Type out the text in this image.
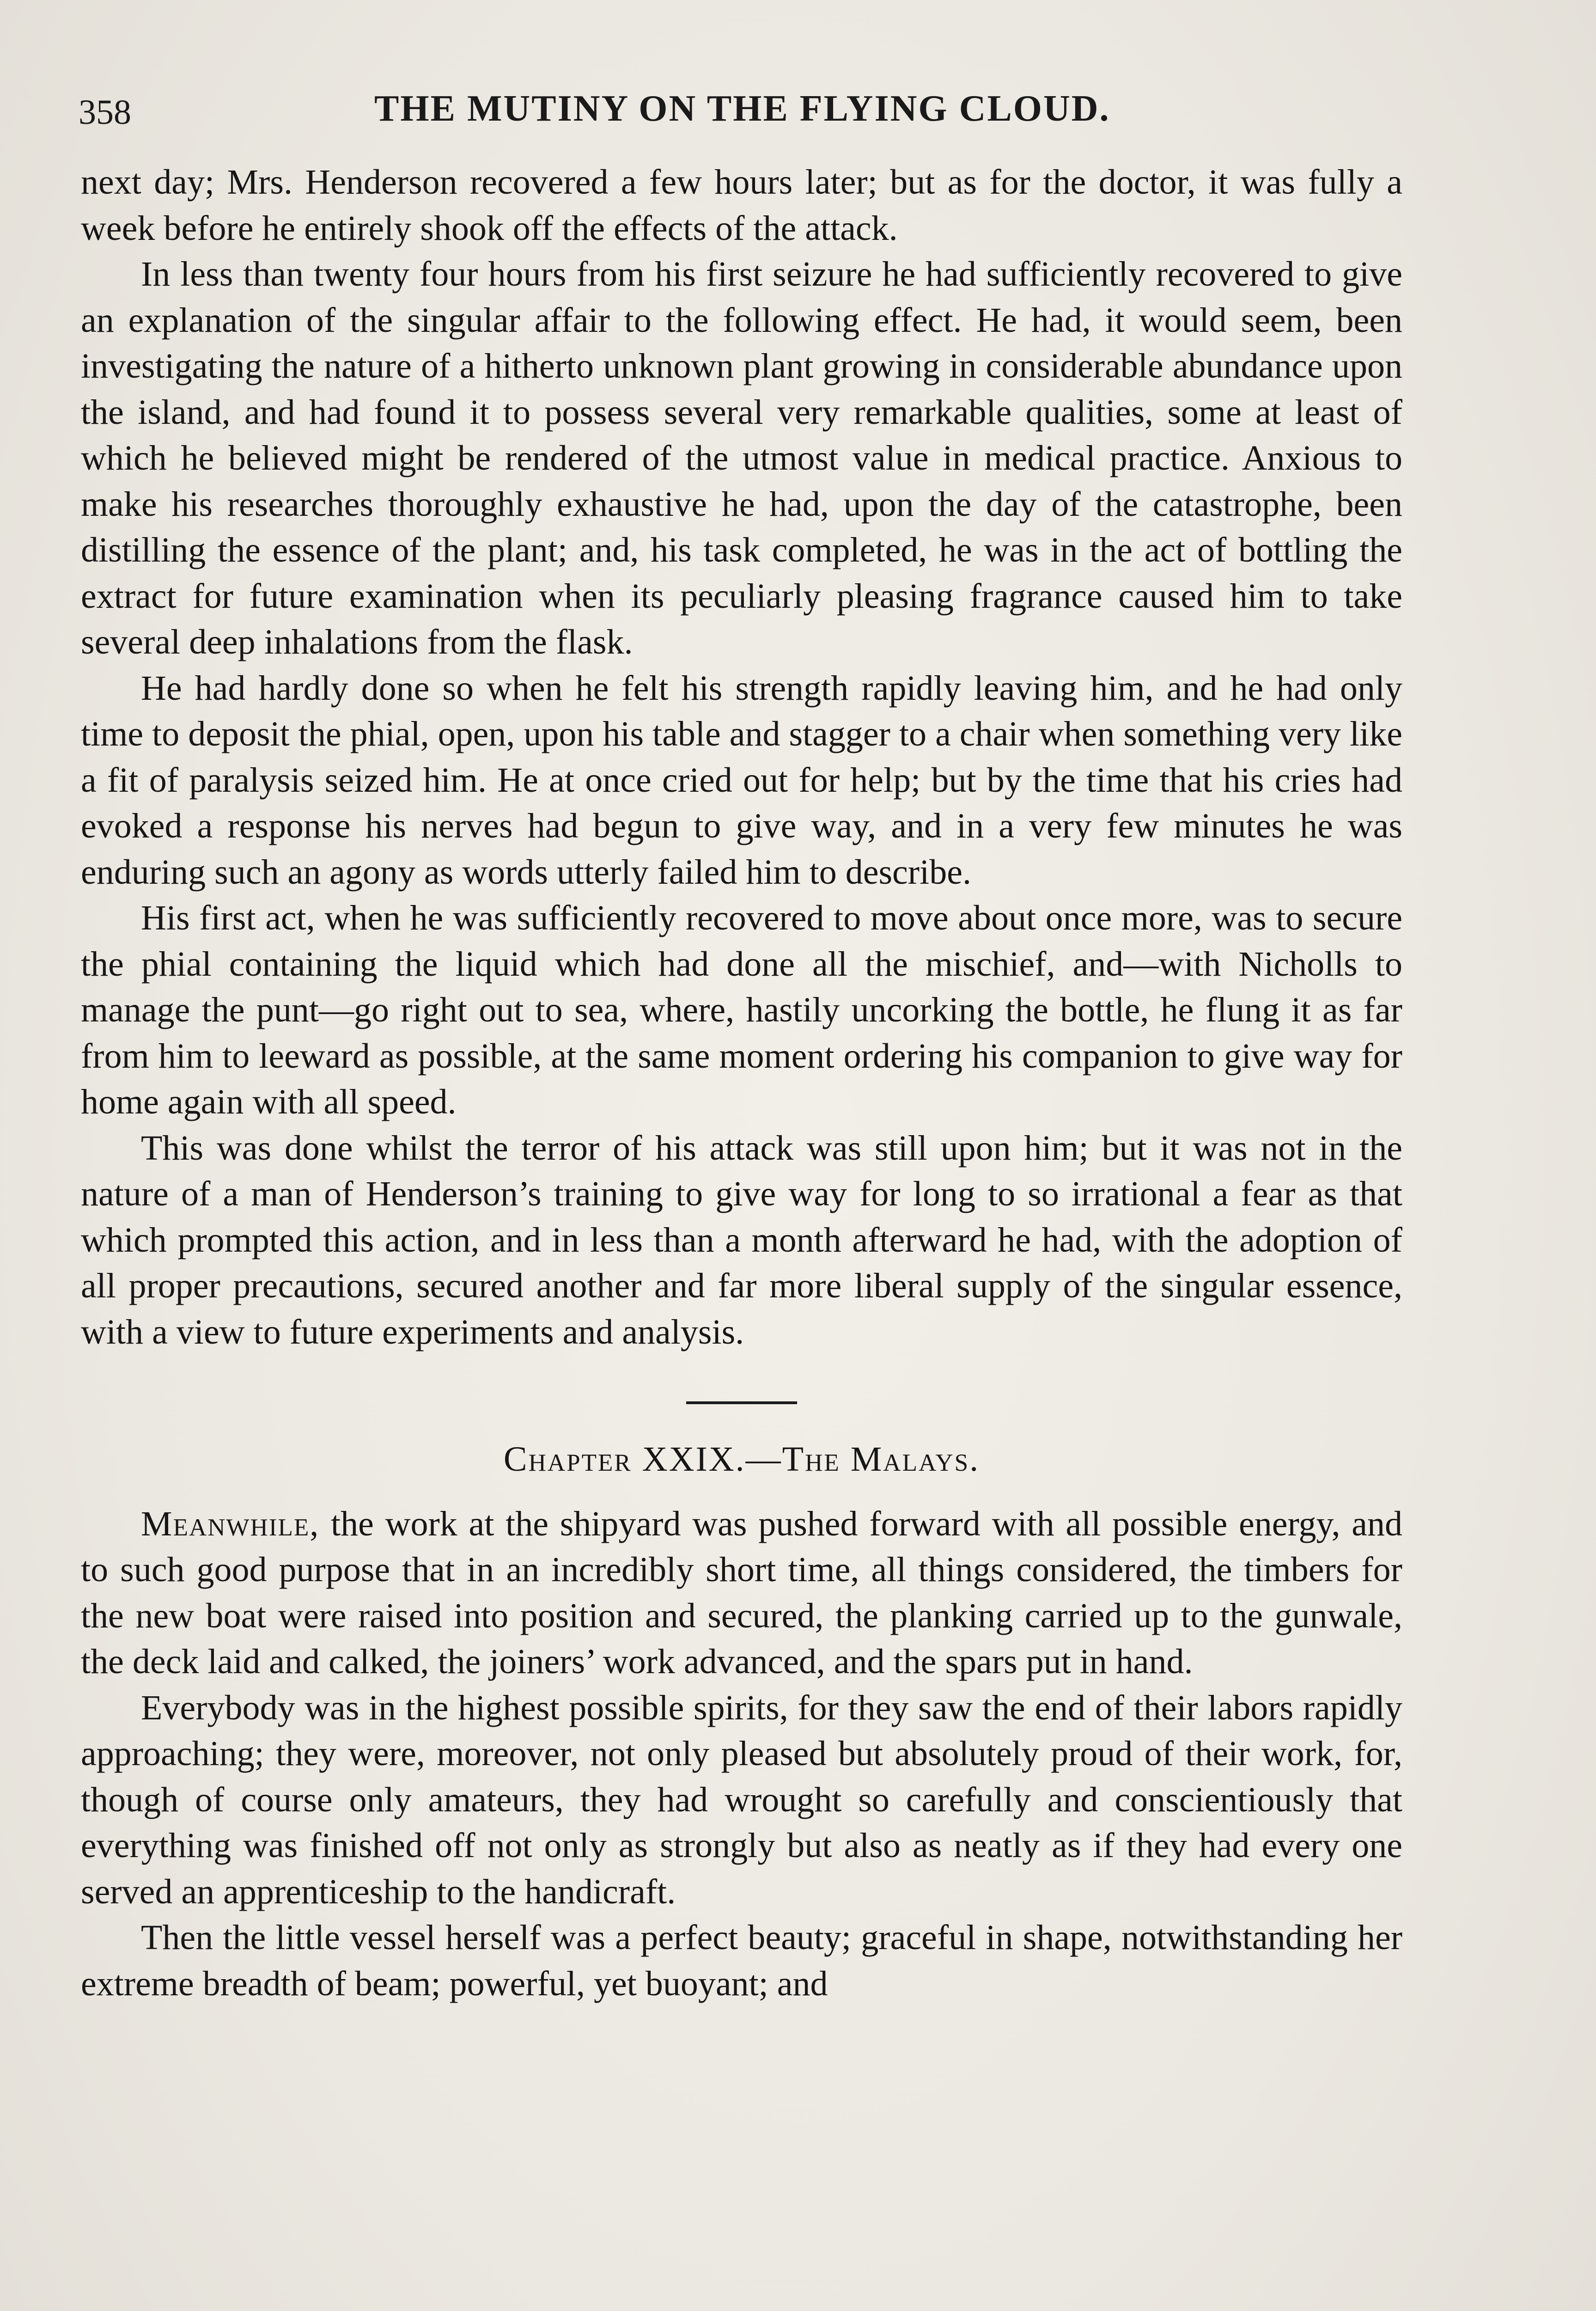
358	THE MUTINY ON THE FLYING CLOUD.

next day; Mrs. Henderson recovered a few hours later; but as for the doctor, it was fully a week before he entirely shook off the effects of the attack.

In less than twenty four hours from his first seizure he had sufficiently recovered to give an explanation of the singular affair to the following effect. He had, it would seem, been investigating the nature of a hitherto unknown plant growing in considerable abundance upon the island, and had found it to possess several very remarkable qualities, some at least of which he believed might be rendered of the utmost value in medical practice. Anxious to make his researches thoroughly exhaustive he had, upon the day of the catastrophe, been distilling the essence of the plant; and, his task completed, he was in the act of bottling the extract for future examination when its peculiarly pleasing fragrance caused him to take several deep inhalations from the flask.

He had hardly done so when he felt his strength rapidly leaving him, and he had only time to deposit the phial, open, upon his table and stagger to a chair when something very like a fit of paralysis seized him. He at once cried out for help; but by the time that his cries had evoked a response his nerves had begun to give way, and in a very few minutes he was enduring such an agony as words utterly failed him to describe.

His first act, when he was sufficiently recovered to move about once more, was to secure the phial containing the liquid which had done all the mischief, and—with Nicholls to manage the punt—go right out to sea, where, hastily uncorking the bottle, he flung it as far from him to leeward as possible, at the same moment ordering his companion to give way for home again with all speed.

This was done whilst the terror of his attack was still upon him; but it was not in the nature of a man of Henderson’s training to give way for long to so irrational a fear as that which prompted this action, and in less than a month afterward he had, with the adoption of all proper precautions, secured another and far more liberal supply of the singular essence, with a view to future experiments and analysis.

Chapter XXIX.—The Malays.

Meanwhile, the work at the shipyard was pushed forward with all possible energy, and to such good purpose that in an incredibly short time, all things considered, the timbers for the new boat were raised into position and secured, the planking carried up to the gunwale, the deck laid and calked, the joiners’ work advanced, and the spars put in hand.

Everybody was in the highest possible spirits, for they saw the end of their labors rapidly approaching; they were, moreover, not only pleased but absolutely proud of their work, for, though of course only amateurs, they had wrought so carefully and conscientiously that everything was finished off not only as strongly but also as neatly as if they had every one served an apprenticeship to the handicraft.

Then the little vessel herself was a perfect beauty; graceful in shape, notwithstanding her extreme breadth of beam; powerful, yet buoyant; and
